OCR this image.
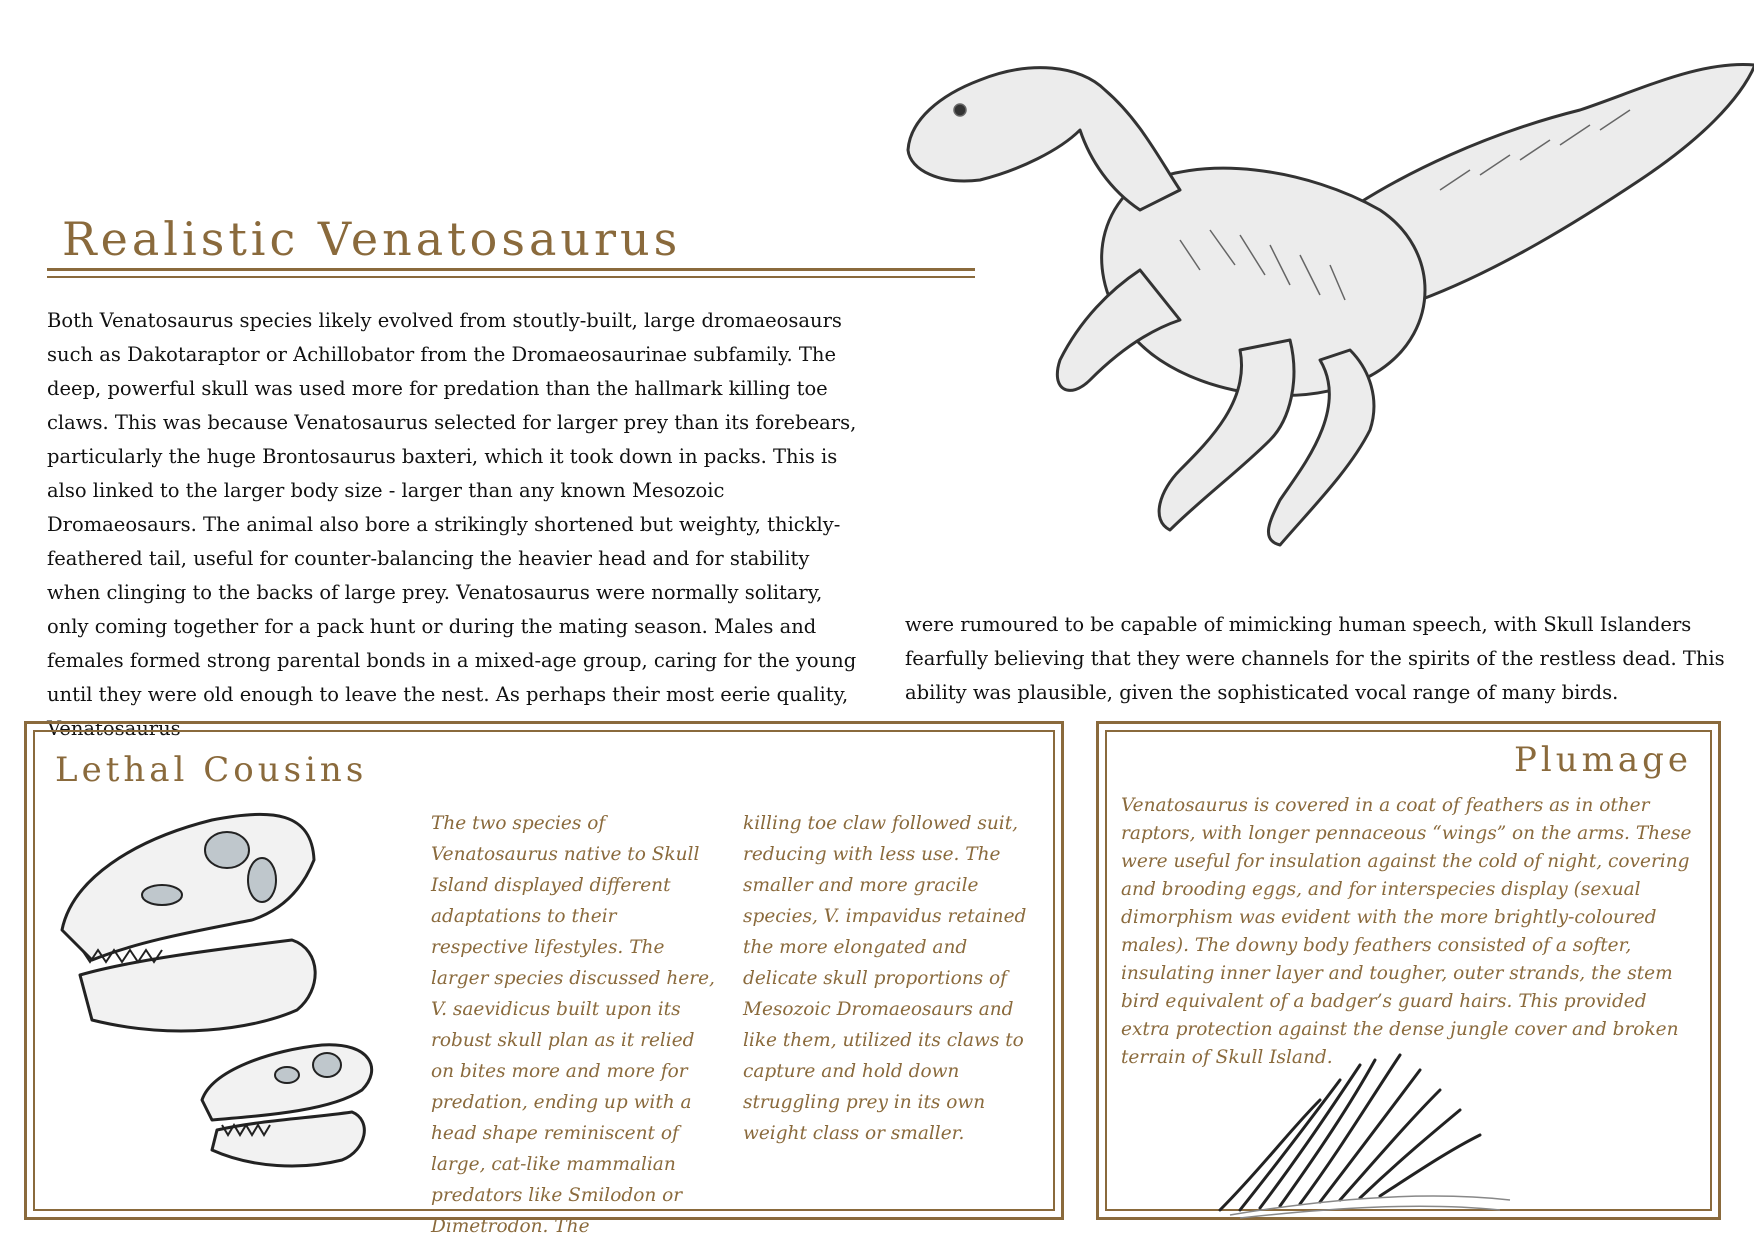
Realistic Venatosaurus

Both Venatosaurus species likely evolved from stoutly-built, large dromaeosaurs such as Dakotaraptor or Achillobator from the Dromaeosaurinae subfamily. The deep, powerful skull was used more for predation than the hallmark killing toe claws. This was because Venatosaurus selected for larger prey than its forebears, particularly the huge Brontosaurus baxteri, which it took down in packs. This is also linked to the larger body size - larger than any known Mesozoic Dromaeosaurs. The animal also bore a strikingly shortened but weighty, thickly-feathered tail, useful for counter-balancing the heavier head and for stability when clinging to the backs of large prey. Venatosaurus were normally solitary, only coming together for a pack hunt or during the mating season. Males and females formed strong parental bonds in a mixed-age group, caring for the young until they were old enough to leave the nest. As perhaps their most eerie quality, Venatosaurus

were rumoured to be capable of mimicking human speech, with Skull Islanders fearfully believing that they were channels for the spirits of the restless dead. This ability was plausible, given the sophisticated vocal range of many birds.

Lethal Cousins

The two species of Venatosaurus native to Skull Island displayed different adaptations to their respective lifestyles. The larger species discussed here, V. saevidicus built upon its robust skull plan as it relied on bites more and more for predation, ending up with a head shape reminiscent of large, cat-like mammalian predators like Smilodon or Dimetrodon. The

killing toe claw followed suit, reducing with less use. The smaller and more gracile species, V. impavidus retained the more elongated and delicate skull proportions of Mesozoic Dromaeosaurs and like them, utilized its claws to capture and hold down struggling prey in its own weight class or smaller.

Plumage

Venatosaurus is covered in a coat of feathers as in other raptors, with longer pennaceous “wings” on the arms. These were useful for insulation against the cold of night, covering and brooding eggs, and for interspecies display (sexual dimorphism was evident with the more brightly-coloured males). The downy body feathers consisted of a softer, insulating inner layer and tougher, outer strands, the stem bird equivalent of a badger’s guard hairs. This provided extra protection against the dense jungle cover and broken terrain of Skull Island.
